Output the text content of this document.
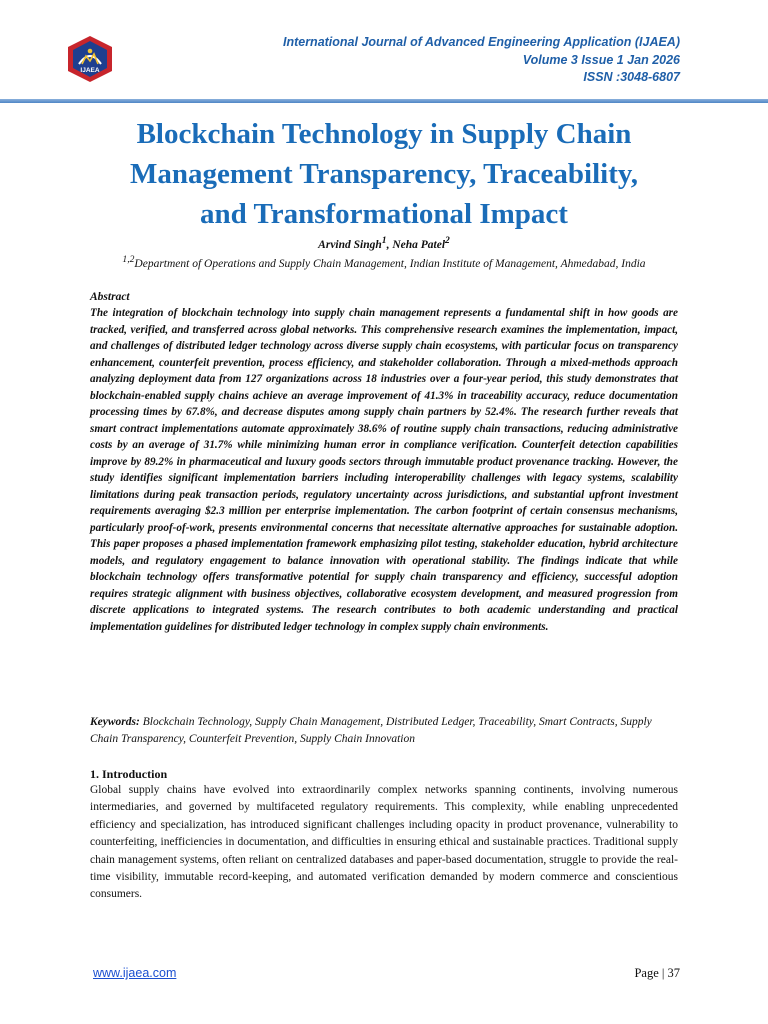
IJAEA
International Journal of Advanced Engineering Application (IJAEA)
Volume 3 Issue 1 Jan 2026
ISSN :3048-6807
Blockchain Technology in Supply Chain
Management Transparency, Traceability,
and Transformational Impact
Arvind Singh$^1$, Neha Patel$^2$
$^{1,2}$Department of Operations and Supply Chain Management, Indian Institute of Management, Ahmedabad, India
Abstract

The integration of blockchain technology into supply chain management represents a fundamental shift in how goods are tracked, verified, and transferred across global networks. This comprehensive research examines the implementation, impact, and challenges of distributed ledger technology across diverse supply chain ecosystems, with particular focus on transparency enhancement, counterfeit prevention, process efficiency, and stakeholder collaboration. Through a mixed-methods approach analyzing deployment data from 127 organizations across 18 industries over a four-year period, this study demonstrates that blockchain-enabled supply chains achieve an average improvement of 41.3% in traceability accuracy, reduce documentation processing times by 67.8%, and decrease disputes among supply chain partners by 52.4%. The research further reveals that smart contract implementations automate approximately 38.6% of routine supply chain transactions, reducing administrative costs by an average of 31.7% while minimizing human error in compliance verification. Counterfeit detection capabilities improve by 89.2% in pharmaceutical and luxury goods sectors through immutable product provenance tracking. However, the study identifies significant implementation barriers including interoperability challenges with legacy systems, scalability limitations during peak transaction periods, regulatory uncertainty across jurisdictions, and substantial upfront investment requirements averaging $2.3 million per enterprise implementation. The carbon footprint of certain consensus mechanisms, particularly proof-of-work, presents environmental concerns that necessitate alternative approaches for sustainable adoption. This paper proposes a phased implementation framework emphasizing pilot testing, stakeholder education, hybrid architecture models, and regulatory engagement to balance innovation with operational stability. The findings indicate that while blockchain technology offers transformative potential for supply chain transparency and efficiency, successful adoption requires strategic alignment with business objectives, collaborative ecosystem development, and measured progression from discrete applications to integrated systems. The research contributes to both academic understanding and practical implementation guidelines for distributed ledger technology in complex supply chain environments.

Keywords: Blockchain Technology, Supply Chain Management, Distributed Ledger, Traceability, Smart Contracts, Supply Chain Transparency, Counterfeit Prevention, Supply Chain Innovation

1. Introduction

Global supply chains have evolved into extraordinarily complex networks spanning continents, involving numerous intermediaries, and governed by multifaceted regulatory requirements. This complexity, while enabling unprecedented efficiency and specialization, has introduced significant challenges including opacity in product provenance, vulnerability to counterfeiting, inefficiencies in documentation, and difficulties in ensuring ethical and sustainable practices. Traditional supply chain management systems, often reliant on centralized databases and paper-based documentation, struggle to provide the real-time visibility, immutable record-keeping, and automated verification demanded by modern commerce and conscientious consumers.

www.ijaea.com	Page | 37
